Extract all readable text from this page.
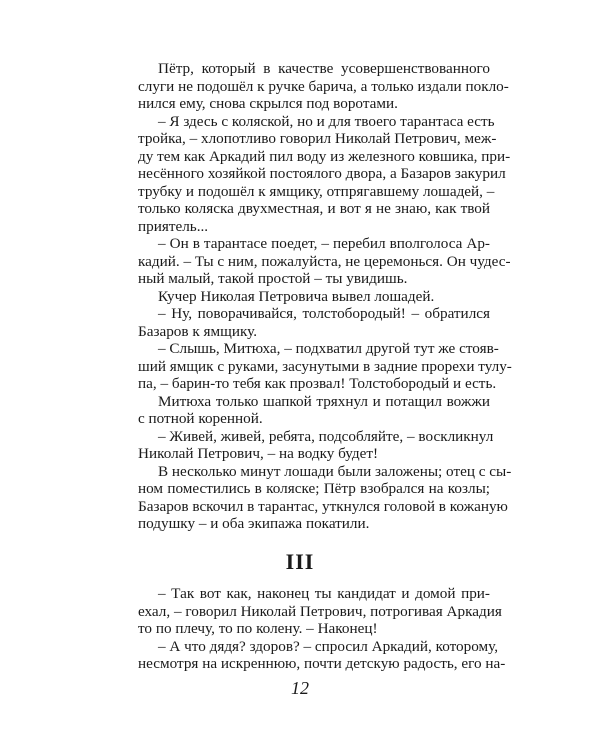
Пётр, который в качестве усовершенствованного
слуги не подошёл к ручке барича, а только издали покло-
нился ему, снова скрылся под воротами.
– Я здесь с коляской, но и для твоего тарантаса есть
тройка, – хлопотливо говорил Николай Петрович, меж-
ду тем как Аркадий пил воду из железного ковшика, при-
несённого хозяйкой постоялого двора, а Базаров закурил
трубку и подошёл к ямщику, отпрягавшему лошадей, –
только коляска двухместная, и вот я не знаю, как твой
приятель...
– Он в тарантасе поедет, – перебил вполголоса Ар-
кадий. – Ты с ним, пожалуйста, не церемонься. Он чудес-
ный малый, такой простой – ты увидишь.
Кучер Николая Петровича вывел лошадей.
– Ну, поворачивайся, толстобородый! – обратился
Базаров к ямщику.
– Слышь, Митюха, – подхватил другой тут же стояв-
ший ямщик с руками, засунутыми в задние прорехи тулу-
па, – барин-то тебя как прозвал! Толстобородый и есть.
Митюха только шапкой тряхнул и потащил вожжи
с потной коренной.
– Живей, живей, ребята, подсобляйте, – воскликнул
Николай Петрович, – на водку будет!
В несколько минут лошади были заложены; отец с сы-
ном поместились в коляске; Пётр взобрался на козлы;
Базаров вскочил в тарантас, уткнулся головой в кожаную
подушку – и оба экипажа покатили.
III
– Так вот как, наконец ты кандидат и домой при-
ехал, – говорил Николай Петрович, потрогивая Аркадия
то по плечу, то по колену. – Наконец!
– А что дядя? здоров? – спросил Аркадий, которому,
несмотря на искреннюю, почти детскую радость, его на-
12
